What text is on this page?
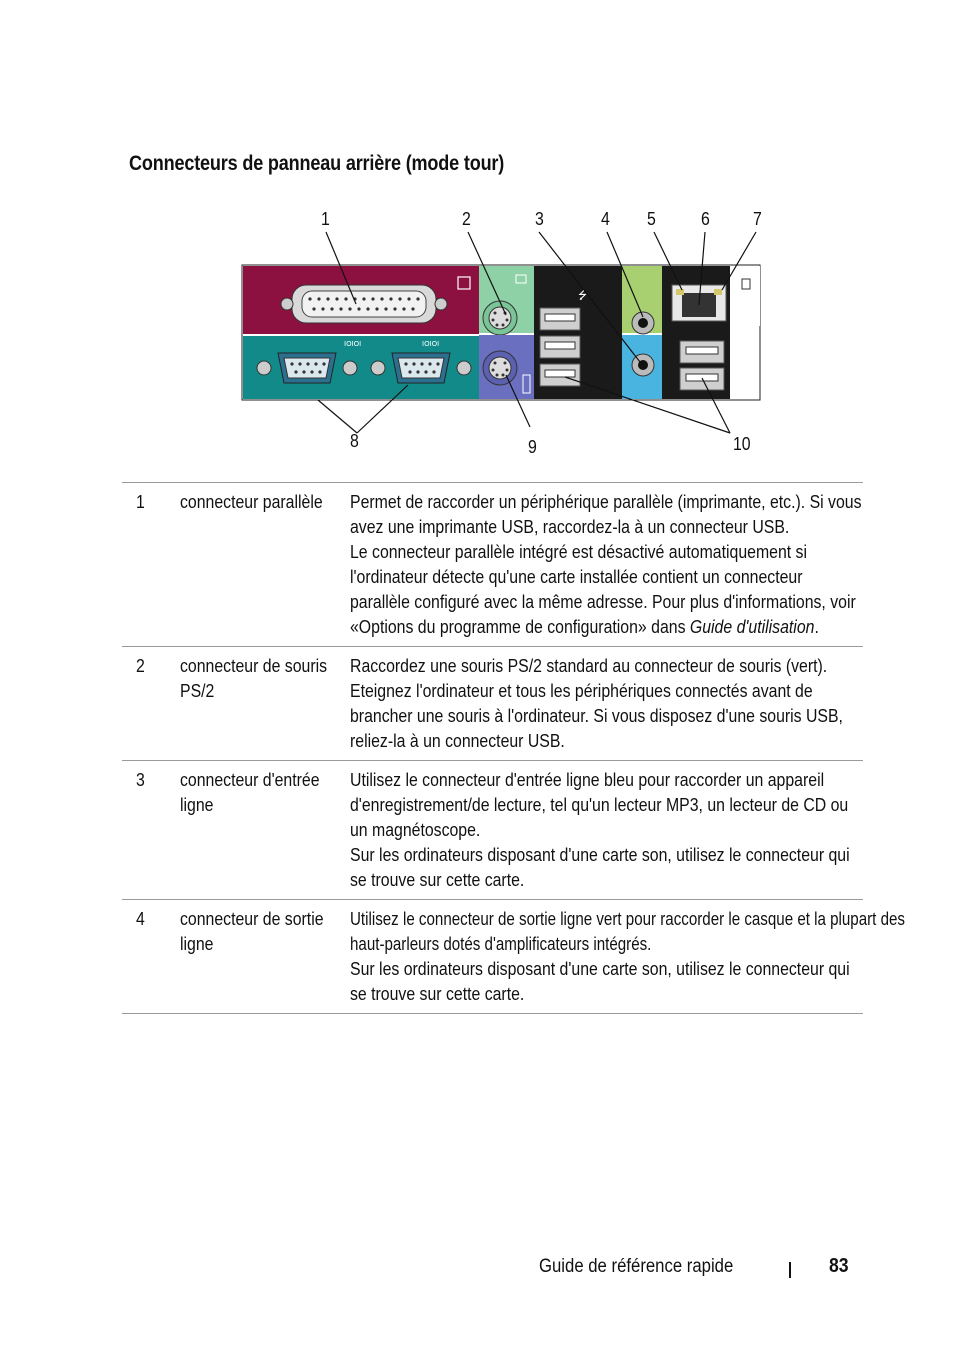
Connecteurs de panneau arrière (mode tour)
IOIOI	IOIOI
⭍
⭍
1	2	3	4 5	6 7
8	9	10
1	connecteur parallèle	Permet de raccorder un périphérique parallèle (imprimante, etc.). Si vous avez une imprimante USB, raccordez-la à un connecteur USB.

Le connecteur parallèle intégré est désactivé automatiquement si l'ordinateur détecte qu'une carte installée contient un connecteur parallèle configuré avec la même adresse. Pour plus d'informations, voir «Options du programme de configuration» dans Guide d'utilisation.

2	connecteur de souris PS/2	Raccordez une souris PS/2 standard au connecteur de souris (vert). Eteignez l'ordinateur et tous les périphériques connectés avant de brancher une souris à l'ordinateur. Si vous disposez d'une souris USB, reliez-la à un connecteur USB.

3	connecteur d'entrée ligne	Utilisez le connecteur d'entrée ligne bleu pour raccorder un appareil d'enregistrement/de lecture, tel qu'un lecteur MP3, un lecteur de CD ou un magnétoscope.

Sur les ordinateurs disposant d'une carte son, utilisez le connecteur qui se trouve sur cette carte.

4	connecteur de sortie ligne	Utilisez le connecteur de sortie ligne vert pour raccorder le casque et la plupart des haut-parleurs dotés d'amplificateurs intégrés.

Sur les ordinateurs disposant d'une carte son, utilisez le connecteur qui se trouve sur cette carte.

Guide de référence rapide	83
